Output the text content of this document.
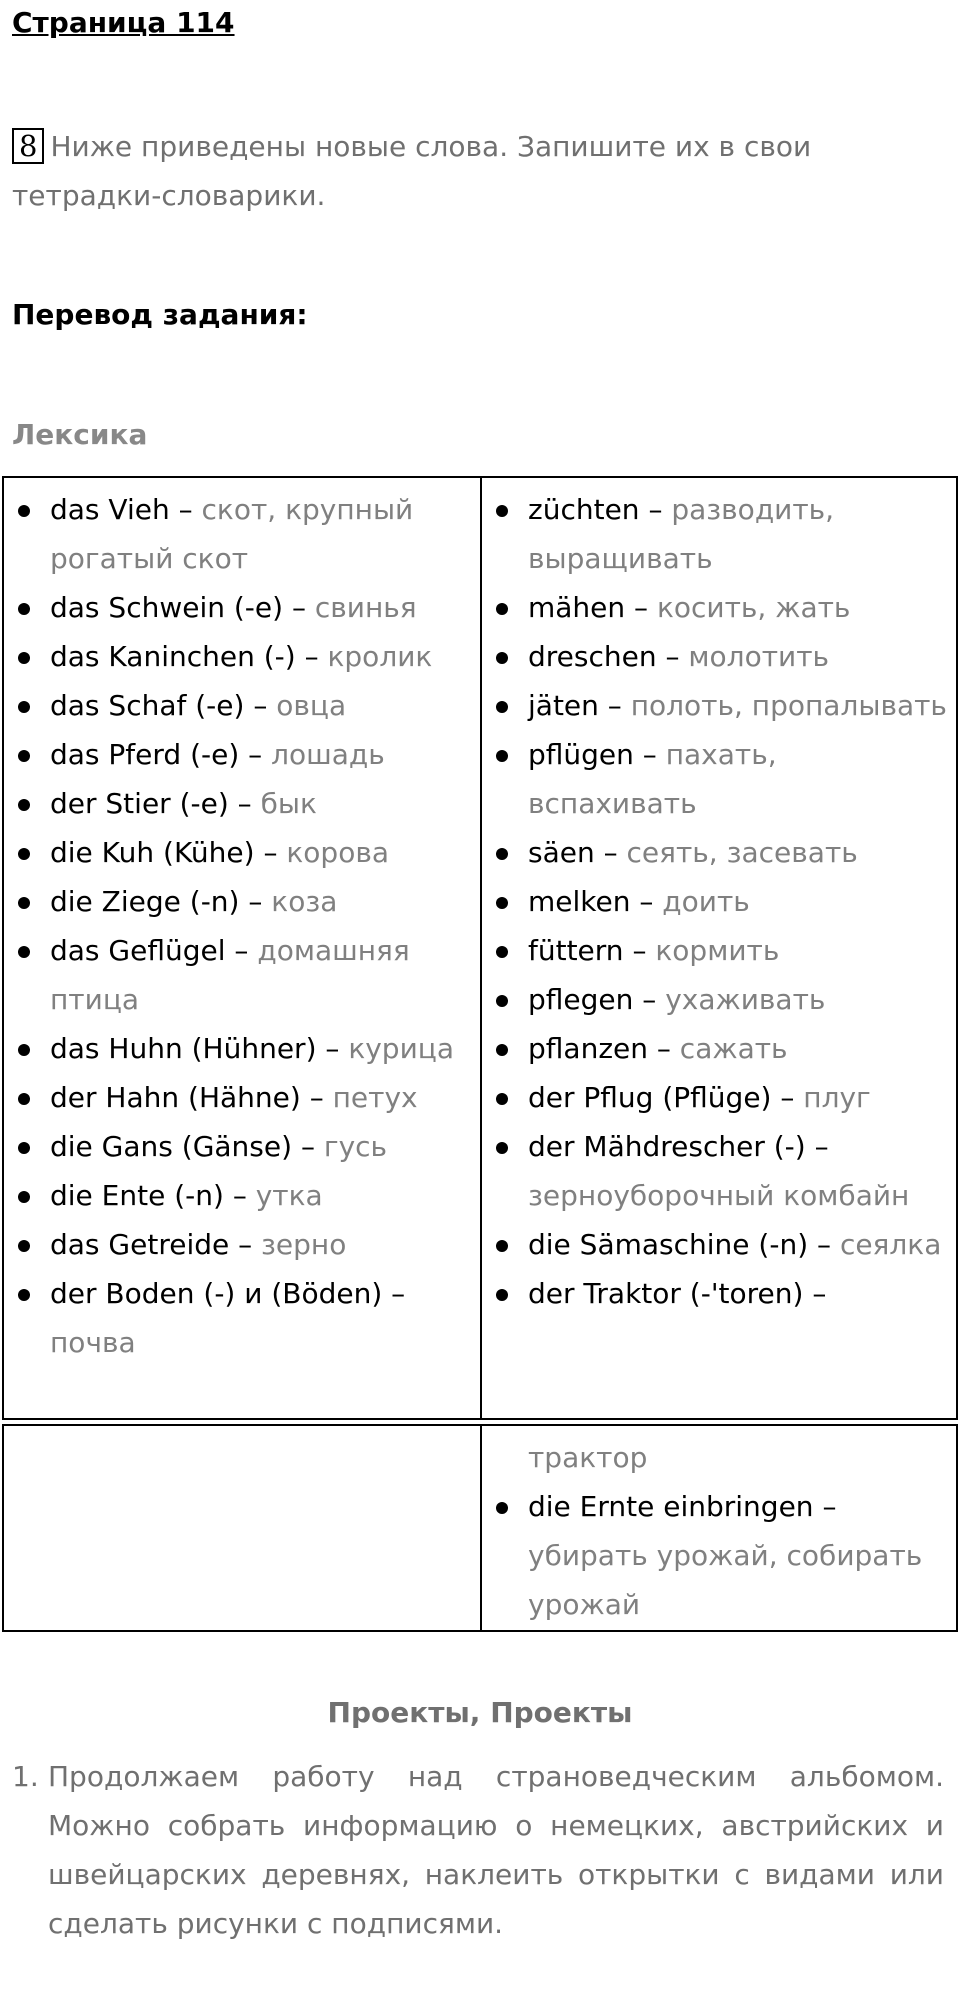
Страница 114
8 Ниже приведены новые слова. Запишите их в свои тетрадки-словарики.
Перевод задания:
Лексика
das Vieh – скот, крупный рогатый скот
das Schwein (-e) – свинья
das Kaninchen (-) – кролик
das Schaf (-e) – овца
das Pferd (-e) – лошадь
der Stier (-e) – бык
die Kuh (Kühe) – корова
die Ziege (-n) – коза
das Geflügel – домашняя птица
das Huhn (Hühner) – курица
der Hahn (Hähne) – петух
die Gans (Gänse) – гусь
die Ente (-n) – утка
das Getreide – зерно
der Boden (-) и (Böden) – почва
züchten – разводить, выращивать
mähen – косить, жать
dreschen – молотить
jäten – полоть, пропалывать
pflügen – пахать, вспахивать
säen – сеять, засевать
melken – доить
füttern – кормить
pflegen – ухаживать
pflanzen – сажать
der Pflug (Pflüge) – плуг
der Mähdrescher (-) – зерноуборочный комбайн
die Sämaschine (-n) – сеялка
der Traktor (-'toren) –
трактор
die Ernte einbringen – убирать урожай, собирать урожай
Проекты, Проекты
1. Продолжаем работу над страноведческим альбомом. Можно собрать информацию о немецких, австрийских и швейцарских деревнях, наклеить открытки с видами или сделать рисунки с подписями.
